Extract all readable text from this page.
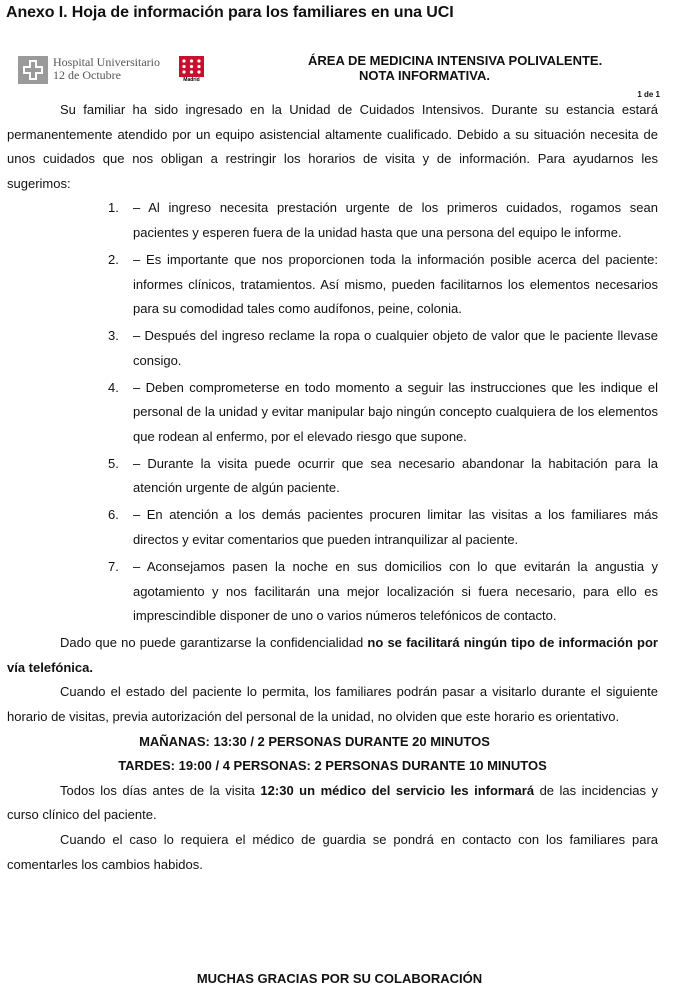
Anexo I. Hoja de información para los familiares en una UCI
Hospital Universitario
12 de Octubre	Madrid
ÁREA DE MEDICINA INTENSIVA POLIVALENTE.
NOTA INFORMATIVA.
1 de 1

Su familiar ha sido ingresado en la Unidad de Cuidados Intensivos. Durante su estancia estará permanentemente atendido por un equipo asistencial altamente cualificado. Debido a su situación necesita de unos cuidados que nos obligan a restringir los horarios de visita y de información. Para ayudarnos les sugerimos:

1. – Al ingreso necesita prestación urgente de los primeros cuidados, rogamos sean pacientes y esperen fuera de la unidad hasta que una persona del equipo le informe.
2. – Es importante que nos proporcionen toda la información posible acerca del paciente: informes clínicos, tratamientos. Así mismo, pueden facilitarnos los elementos necesarios para su comodidad tales como audífonos, peine, colonia.
3. – Después del ingreso reclame la ropa o cualquier objeto de valor que le paciente llevase consigo.
4. – Deben comprometerse en todo momento a seguir las instrucciones que les indique el personal de la unidad y evitar manipular bajo ningún concepto cualquiera de los elementos que rodean al enfermo, por el elevado riesgo que supone.
5. – Durante la visita puede ocurrir que sea necesario abandonar la habitación para la atención urgente de algún paciente.
6. – En atención a los demás pacientes procuren limitar las visitas a los familiares más directos y evitar comentarios que pueden intranquilizar al paciente.
7. – Aconsejamos pasen la noche en sus domicilios con lo que evitarán la angustia y agotamiento y nos facilitarán una mejor localización si fuera necesario, para ello es imprescindible disponer de uno o varios números telefónicos de contacto.

Dado que no puede garantizarse la confidencialidad no se facilitará ningún tipo de información por vía telefónica.

Cuando el estado del paciente lo permita, los familiares podrán pasar a visitarlo durante el siguiente horario de visitas, previa autorización del personal de la unidad, no olviden que este horario es orientativo.

MAÑANAS: 13:30 / 2 PERSONAS DURANTE 20 MINUTOS
TARDES: 19:00 / 4 PERSONAS: 2 PERSONAS DURANTE 10 MINUTOS

Todos los días antes de la visita 12:30 un médico del servicio les informará de las incidencias y curso clínico del paciente.

Cuando el caso lo requiera el médico de guardia se pondrá en contacto con los familiares para comentarles los cambios habidos.

MUCHAS GRACIAS POR SU COLABORACIÓN
